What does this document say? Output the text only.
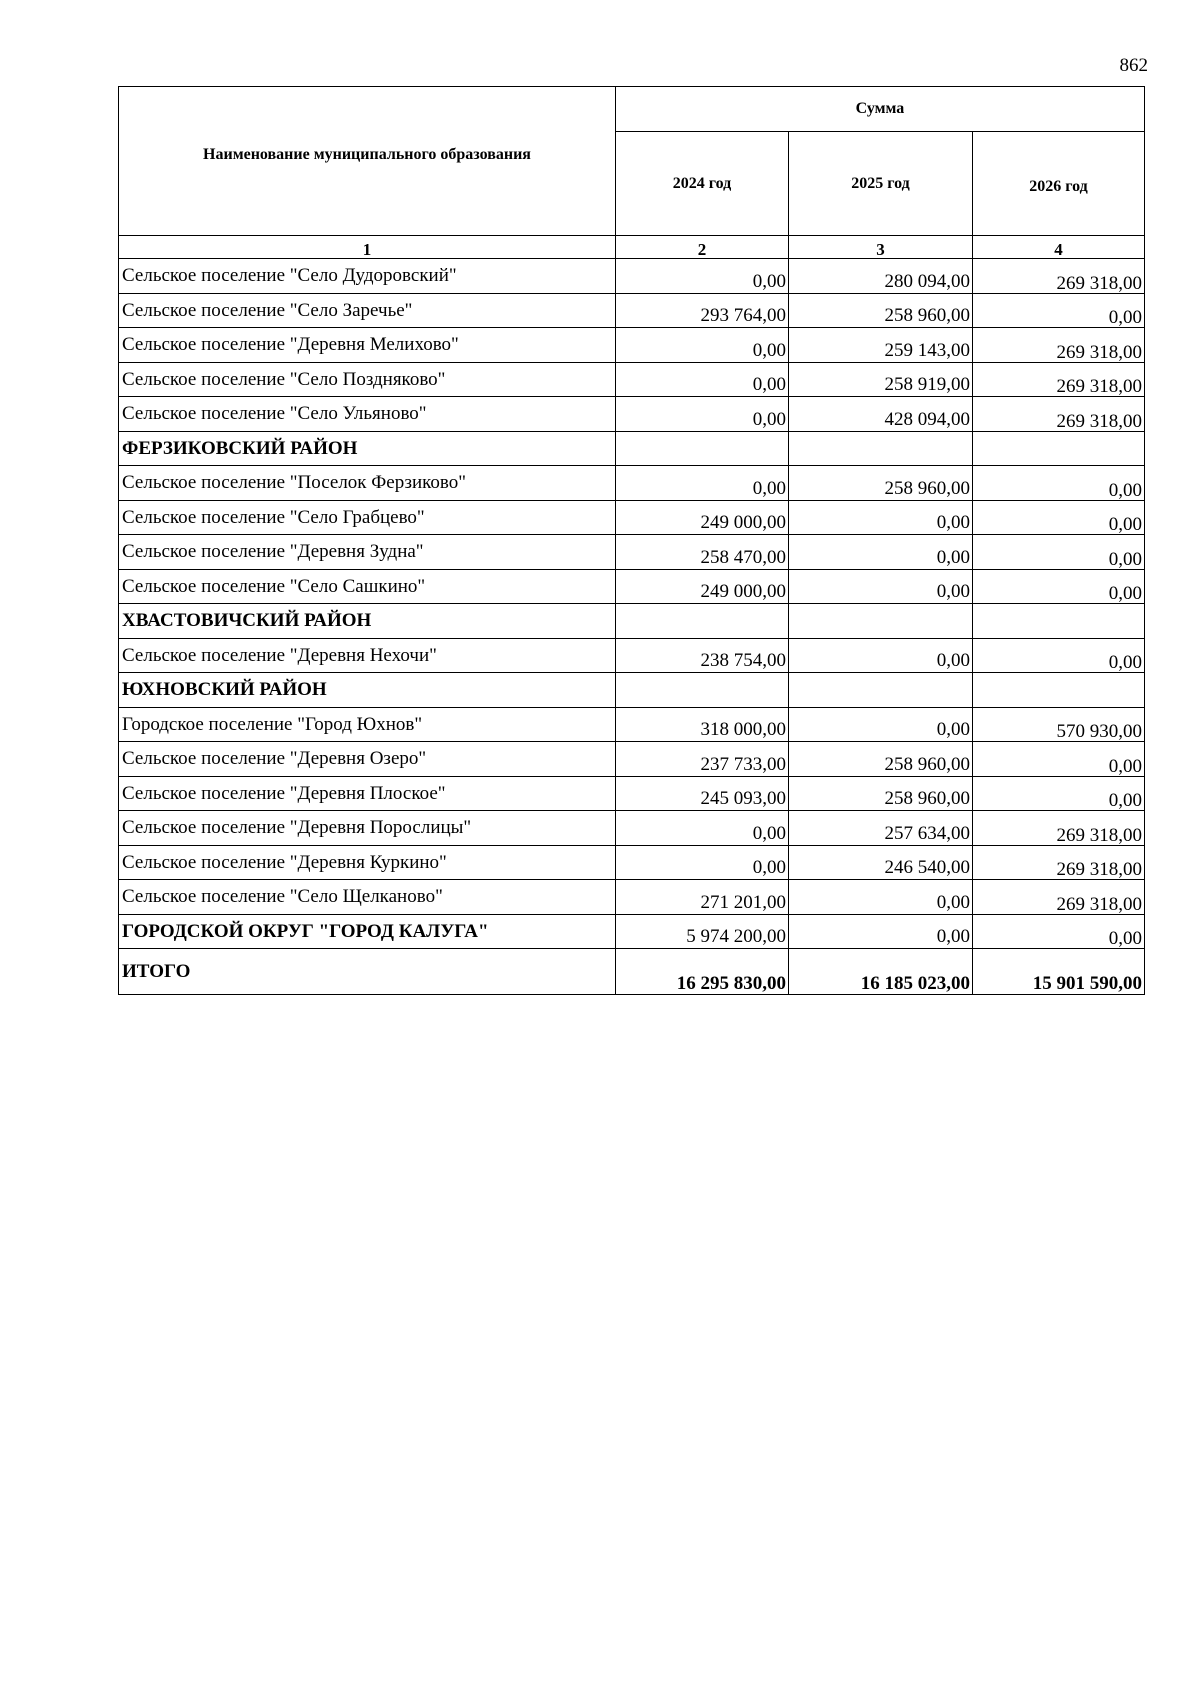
862
Наименование муниципального образования	Сумма		
	2024 год	2025 год	2026 год
1	2	3	4
Сельское поселение "Село Дудоровский"	0,00	280 094,00	269 318,00
Сельское поселение "Село Заречье"	293 764,00	258 960,00	0,00
Сельское поселение "Деревня Мелихово"	0,00	259 143,00	269 318,00
Сельское поселение "Село Поздняково"	0,00	258 919,00	269 318,00
Сельское поселение "Село Ульяново"	0,00	428 094,00	269 318,00
ФЕРЗИКОВСКИЙ РАЙОН			
Сельское поселение "Поселок Ферзиково"	0,00	258 960,00	0,00
Сельское поселение "Село Грабцево"	249 000,00	0,00	0,00
Сельское поселение "Деревня Зудна"	258 470,00	0,00	0,00
Сельское поселение "Село Сашкино"	249 000,00	0,00	0,00
ХВАСТОВИЧСКИЙ РАЙОН			
Сельское поселение "Деревня Нехочи"	238 754,00	0,00	0,00
ЮХНОВСКИЙ РАЙОН			
Городское поселение "Город Юхнов"	318 000,00	0,00	570 930,00
Сельское поселение "Деревня Озеро"	237 733,00	258 960,00	0,00
Сельское поселение "Деревня Плоское"	245 093,00	258 960,00	0,00
Сельское поселение "Деревня Порослицы"	0,00	257 634,00	269 318,00
Сельское поселение "Деревня Куркино"	0,00	246 540,00	269 318,00
Сельское поселение "Село Щелканово"	271 201,00	0,00	269 318,00
ГОРОДСКОЙ ОКРУГ "ГОРОД КАЛУГА"	5 974 200,00	0,00	0,00
ИТОГО	16 295 830,00	16 185 023,00	15 901 590,00
